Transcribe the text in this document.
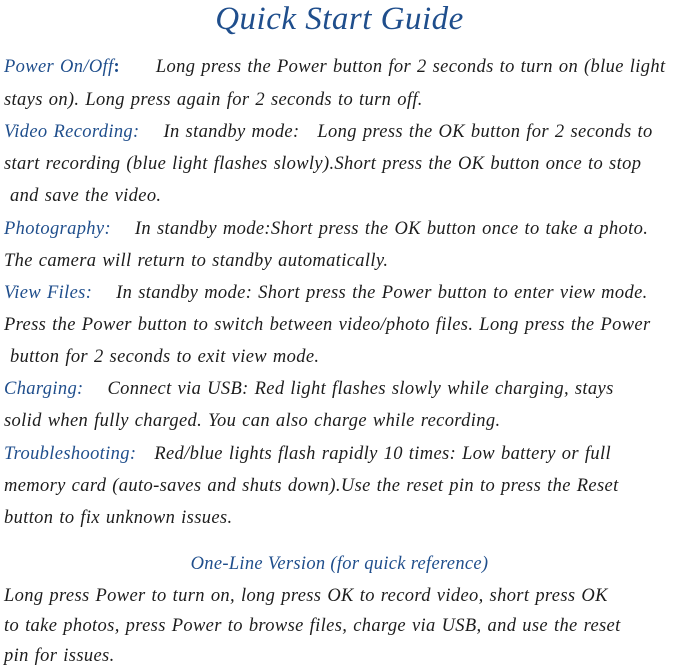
Quick Start Guide
Power On/Off: Long press the Power button for 2 seconds to turn on (blue light
stays on). Long press again for 2 seconds to turn off.
Video Recording: In standby mode:   Long press the OK button for 2 seconds to
start recording (blue light flashes slowly).Short press the OK button once to stop
and save the video.
Photography: In standby mode:Short press the OK button once to take a photo.
The camera will return to standby automatically.
View Files: In standby mode: Short press the Power button to enter view mode.
Press the Power button to switch between video/photo files. Long press the Power
button for 2 seconds to exit view mode.
Charging: Connect via USB: Red light flashes slowly while charging, stays
solid when fully charged. You can also charge while recording.
Troubleshooting: Red/blue lights flash rapidly 10 times: Low battery or full
memory card (auto-saves and shuts down).Use the reset pin to press the Reset
button to fix unknown issues.
One-Line Version (for quick reference)
Long press Power to turn on, long press OK to record video, short press OK
to take photos, press Power to browse files, charge via USB, and use the reset
pin for issues.
